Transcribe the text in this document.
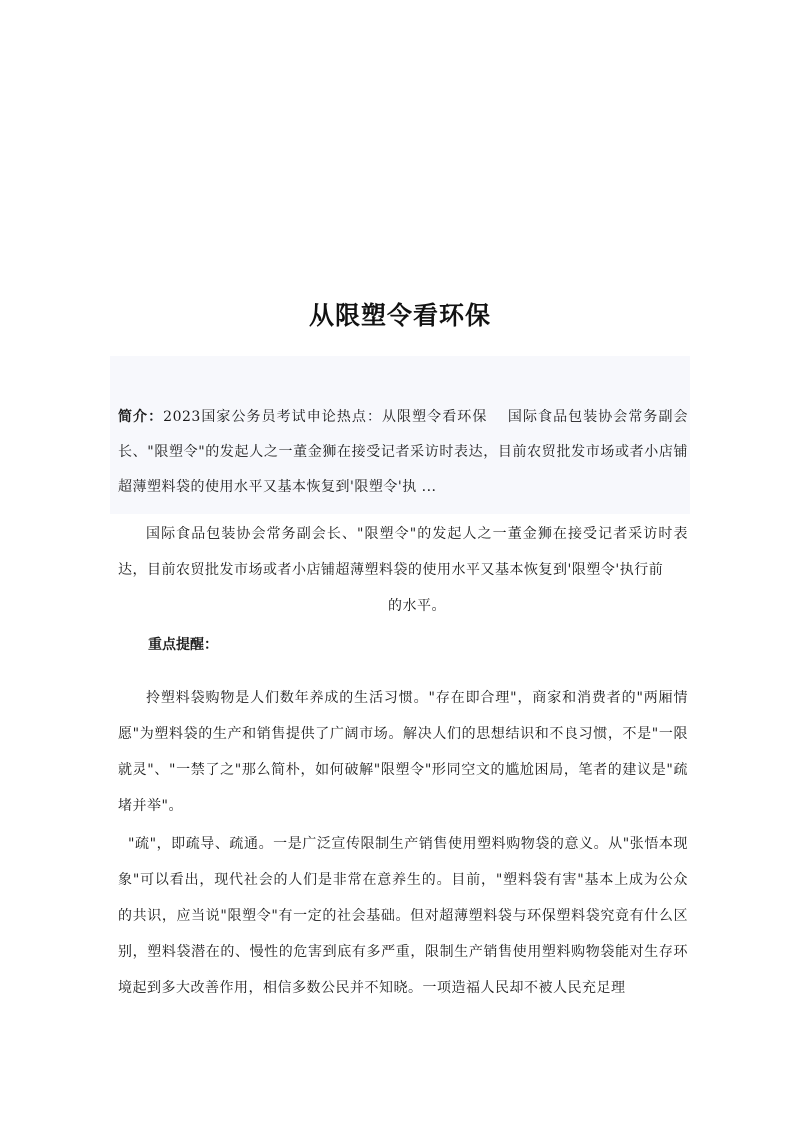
从限塑令看环保
简介：2023国家公务员考试申论热点：从限塑令看环保　 国际食品包装协会常务副会长、"限塑令"的发起人之一董金狮在接受记者采访时表达，目前农贸批发市场或者小店铺超薄塑料袋的使用水平又基本恢复到'限塑令'执 ...
国际食品包装协会常务副会长、"限塑令"的发起人之一董金狮在接受记者采访时表达，目前农贸批发市场或者小店铺超薄塑料袋的使用水平又基本恢复到'限塑令'执行前
的水平。
重点提醒：
拎塑料袋购物是人们数年养成的生活习惯。"存在即合理"，商家和消费者的"两厢情愿"为塑料袋的生产和销售提供了广阔市场。解决人们的思想结识和不良习惯，不是"一限就灵"、"一禁了之"那么简朴，如何破解"限塑令"形同空文的尴尬困局，笔者的建议是"疏堵并举"。
"疏"，即疏导、疏通。一是广泛宣传限制生产销售使用塑料购物袋的意义。从"张悟本现象"可以看出，现代社会的人们是非常在意养生的。目前，"塑料袋有害"基本上成为公众的共识，应当说"限塑令"有一定的社会基础。但对超薄塑料袋与环保塑料袋究竟有什么区别，塑料袋潜在的、慢性的危害到底有多严重，限制生产销售使用塑料购物袋能对生存环境起到多大改善作用，相信多数公民并不知晓。一项造福人民却不被人民充足理
